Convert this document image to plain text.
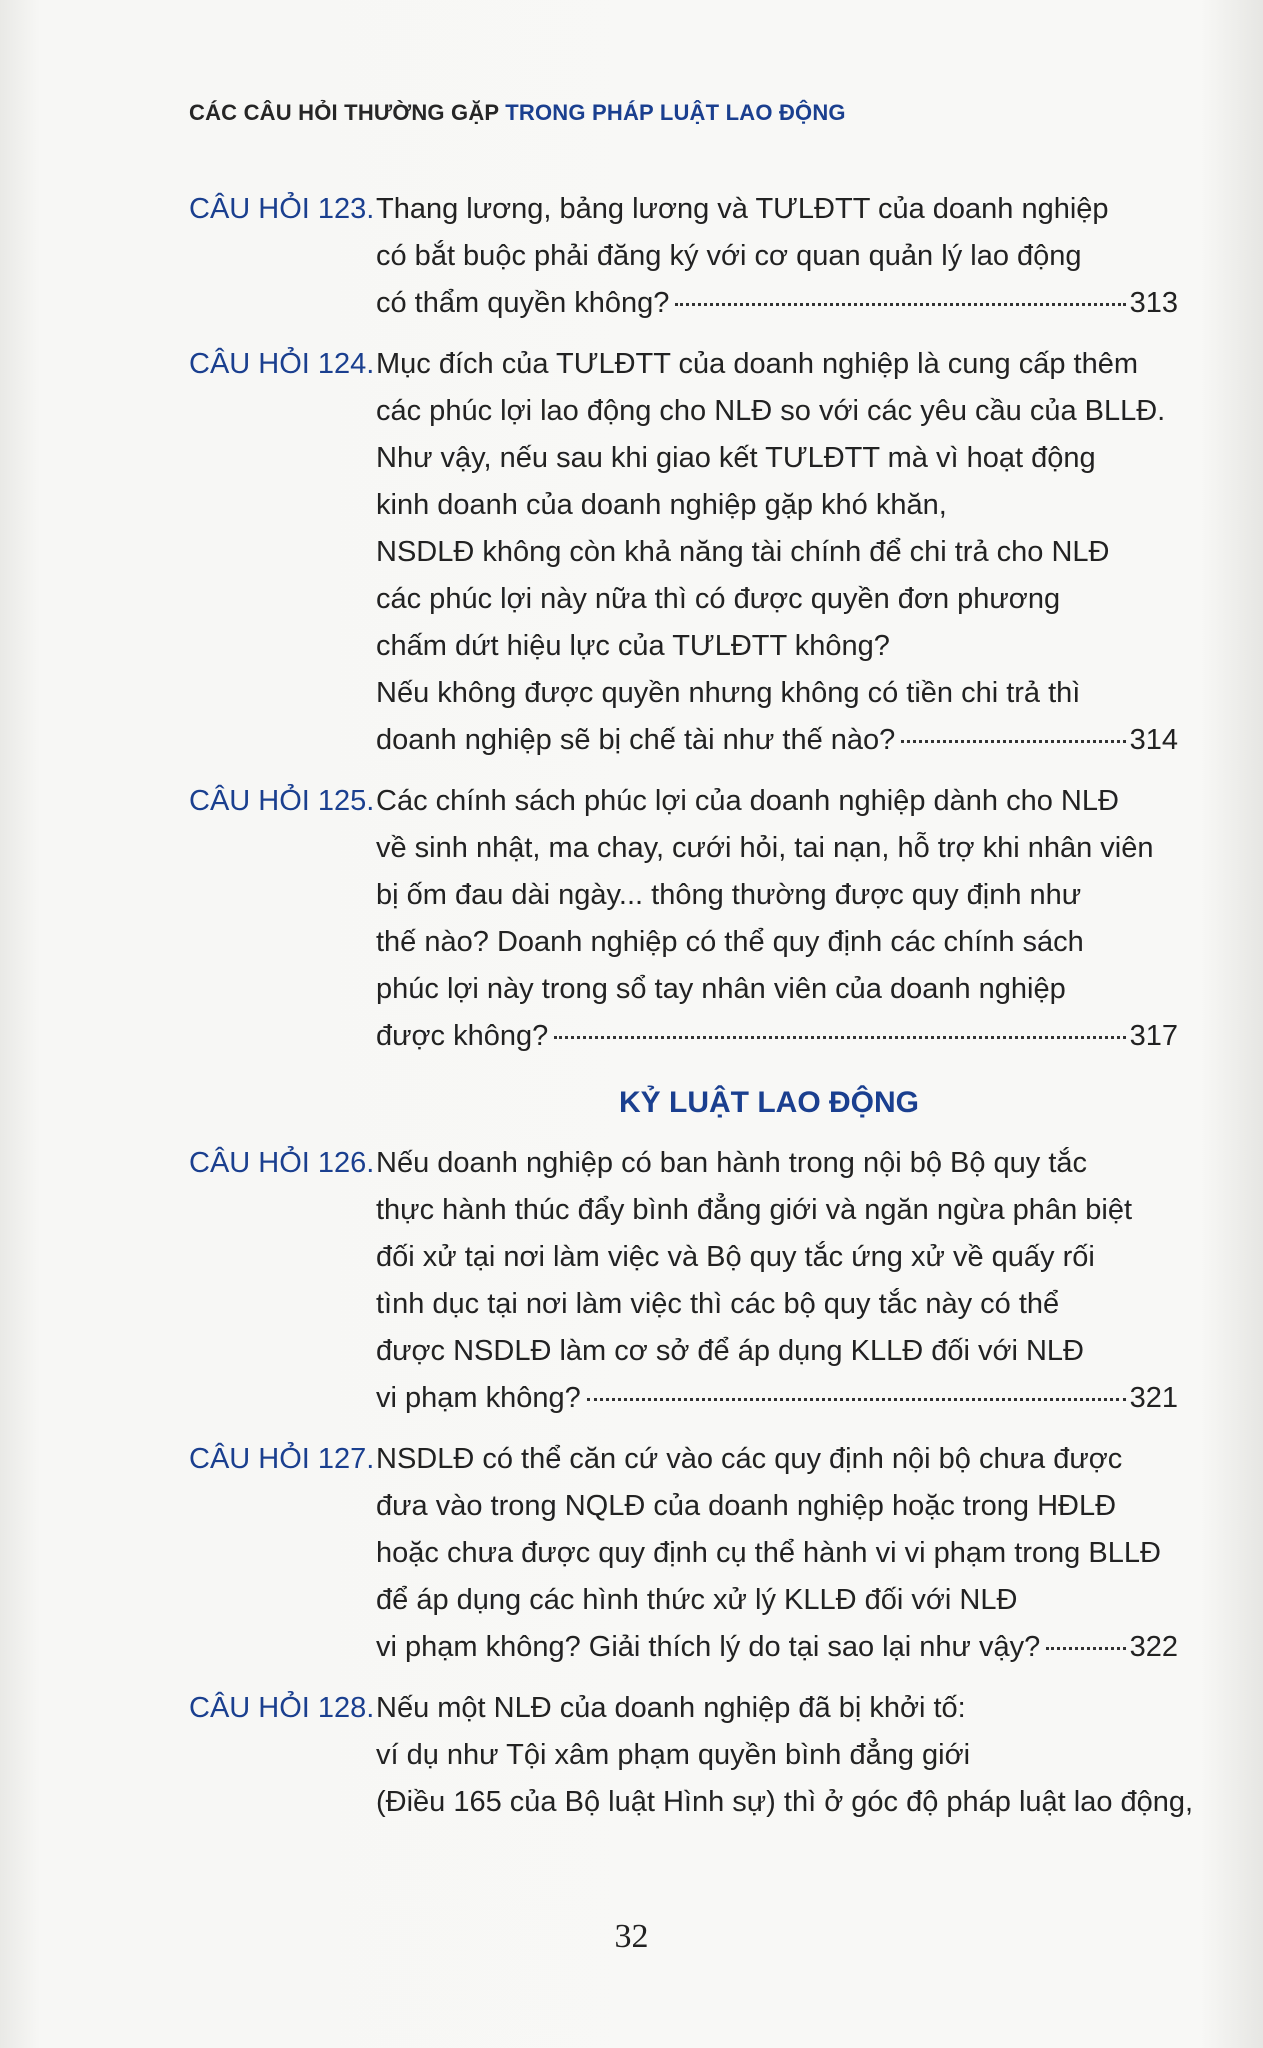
CÁC CÂU HỎI THƯỜNG GẶP TRONG PHÁP LUẬT LAO ĐỘNG
CÂU HỎI 123. Thang lương, bảng lương và TƯLĐTT của doanh nghiệp
có bắt buộc phải đăng ký với cơ quan quản lý lao động
có thẩm quyền không?	313
CÂU HỎI 124. Mục đích của TƯLĐTT của doanh nghiệp là cung cấp thêm
các phúc lợi lao động cho NLĐ so với các yêu cầu của BLLĐ.
Như vậy, nếu sau khi giao kết TƯLĐTT mà vì hoạt động
kinh doanh của doanh nghiệp gặp khó khăn,
NSDLĐ không còn khả năng tài chính để chi trả cho NLĐ
các phúc lợi này nữa thì có được quyền đơn phương
chấm dứt hiệu lực của TƯLĐTT không?
Nếu không được quyền nhưng không có tiền chi trả thì
doanh nghiệp sẽ bị chế tài như thế nào?	314
CÂU HỎI 125. Các chính sách phúc lợi của doanh nghiệp dành cho NLĐ
về sinh nhật, ma chay, cưới hỏi, tai nạn, hỗ trợ khi nhân viên
bị ốm đau dài ngày... thông thường được quy định như
thế nào? Doanh nghiệp có thể quy định các chính sách
phúc lợi này trong sổ tay nhân viên của doanh nghiệp
được không?	317
KỶ LUẬT LAO ĐỘNG
CÂU HỎI 126. Nếu doanh nghiệp có ban hành trong nội bộ Bộ quy tắc
thực hành thúc đẩy bình đẳng giới và ngăn ngừa phân biệt
đối xử tại nơi làm việc và Bộ quy tắc ứng xử về quấy rối
tình dục tại nơi làm việc thì các bộ quy tắc này có thể
được NSDLĐ làm cơ sở để áp dụng KLLĐ đối với NLĐ
vi phạm không?	321
CÂU HỎI 127. NSDLĐ có thể căn cứ vào các quy định nội bộ chưa được
đưa vào trong NQLĐ của doanh nghiệp hoặc trong HĐLĐ
hoặc chưa được quy định cụ thể hành vi vi phạm trong BLLĐ
để áp dụng các hình thức xử lý KLLĐ đối với NLĐ
vi phạm không? Giải thích lý do tại sao lại như vậy?	322
CÂU HỎI 128. Nếu một NLĐ của doanh nghiệp đã bị khởi tố:
ví dụ như Tội xâm phạm quyền bình đẳng giới
(Điều 165 của Bộ luật Hình sự) thì ở góc độ pháp luật lao động,
32
